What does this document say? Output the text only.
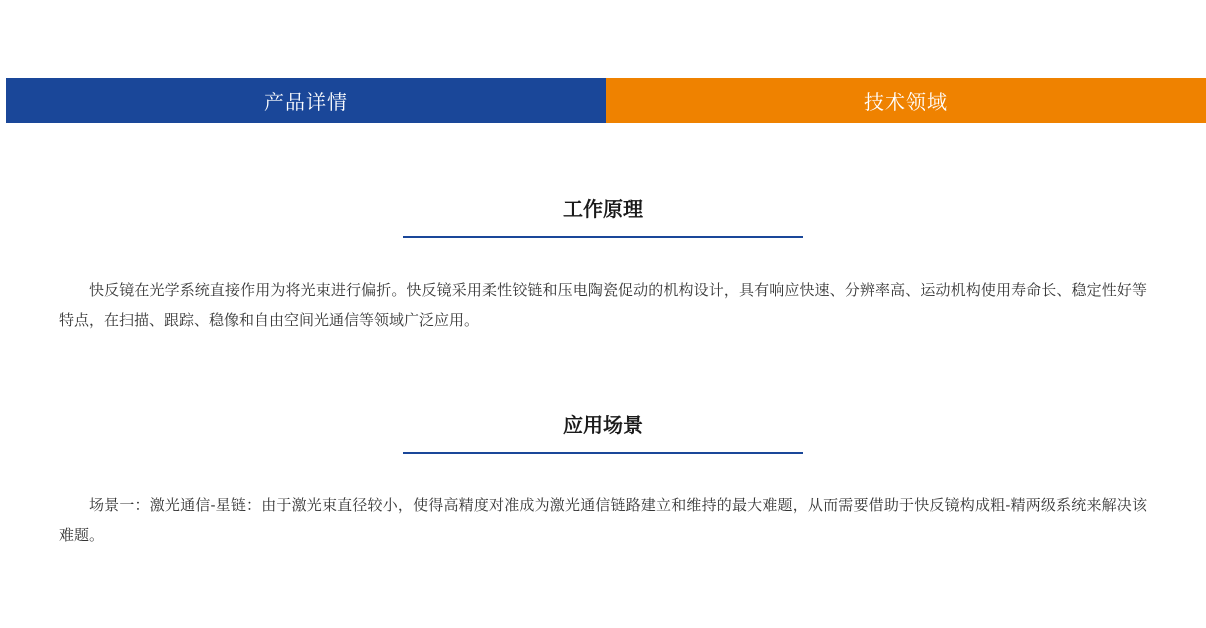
产品详情	技术领域
工作原理

快反镜在光学系统直接作用为将光束进行偏折。快反镜采用柔性铰链和压电陶瓷促动的机构设计，具有响应快速、分辨率高、运动机构使用寿命长、稳定性好等特点，在扫描、跟踪、稳像和自由空间光通信等领域广泛应用。

应用场景

场景一：激光通信-星链：由于激光束直径较小，使得高精度对准成为激光通信链路建立和维持的最大难题，从而需要借助于快反镜构成粗-精两级系统来解决该难题。
